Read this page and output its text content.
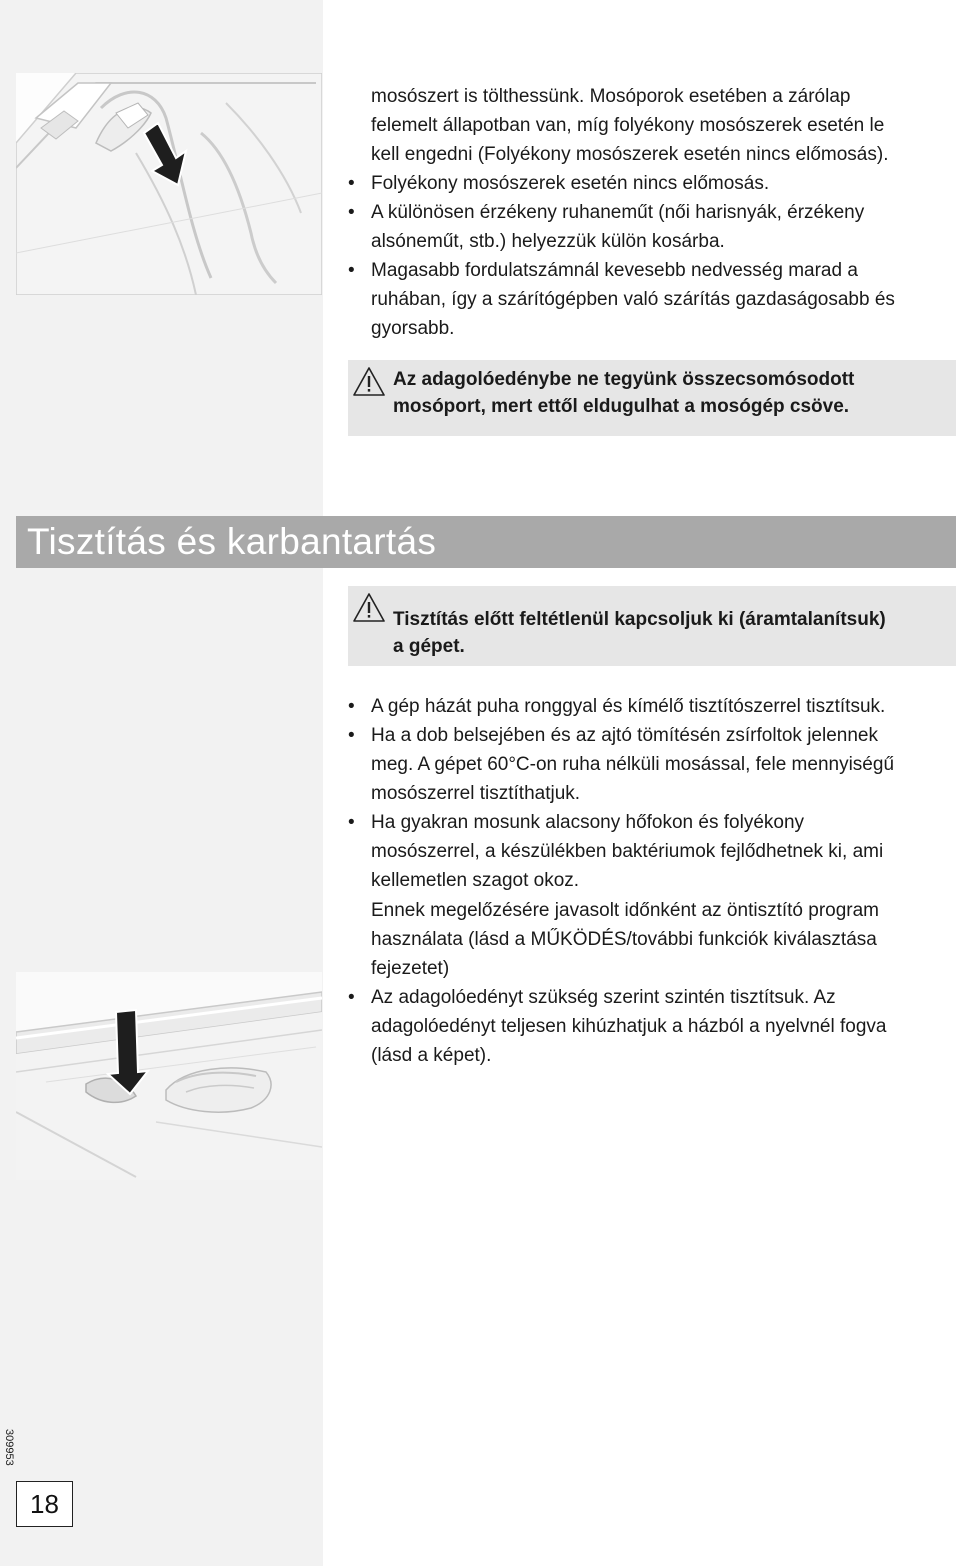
mosószert is tölthessünk. Mosóporok esetében a zárólap
felemelt állapotban van, míg folyékony mosószerek esetén le
kell engedni (Folyékony mosószerek esetén nincs előmosás).
• Folyékony mosószerek esetén nincs előmosás.
• A különösen érzékeny ruhaneműt (női harisnyák, érzékeny
alsóneműt, stb.) helyezzük külön kosárba.
• Magasabb fordulatszámnál kevesebb nedvesség marad a
ruhában, így a szárítógépben való szárítás gazdaságosabb és
gyorsabb.
Az adagolóedénybe ne tegyünk összecsomósodott
mosóport, mert ettől eldugulhat a mosógép csöve.
Tisztítás és karbantartás
Tisztítás előtt feltétlenül kapcsoljuk ki (áramtalanítsuk)
a gépet.
• A gép házát puha ronggyal és kímélő tisztítószerrel tisztítsuk.
• Ha a dob belsejében és az ajtó tömítésén zsírfoltok jelennek
meg. A gépet 60°C-on ruha nélküli mosással, fele mennyiségű
mosószerrel tisztíthatjuk.
• Ha gyakran mosunk alacsony hőfokon és folyékony
mosószerrel, a készülékben baktériumok fejlődhetnek ki, ami
kellemetlen szagot okoz.
Ennek megelőzésére javasolt időnként az öntisztító program
használata (lásd a MŰKÖDÉS/további funkciók kiválasztása
fejezetet)
• Az adagolóedényt szükség szerint szintén tisztítsuk. Az
adagolóedényt teljesen kihúzhatjuk a házból a nyelvnél fogva
(lásd a képet).
309953
18
